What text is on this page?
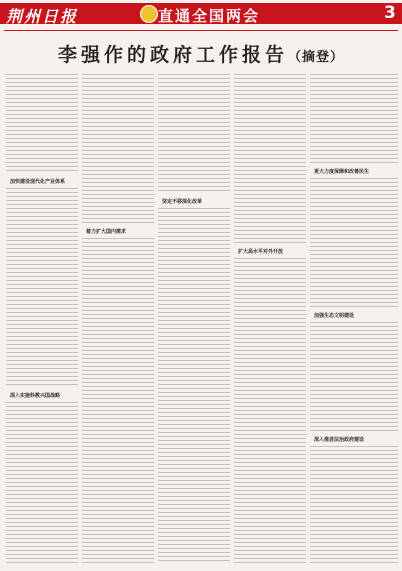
荆州日报	直通全国两会	3
李强作的政府工作报告（摘登）
加快建设现代化产业体系
深入实施科教兴国战略
着力扩大国内需求
坚定不移深化改革
扩大高水平对外开放
更大力度保障和改善民生
加强生态文明建设
深入推进法治政府建设
